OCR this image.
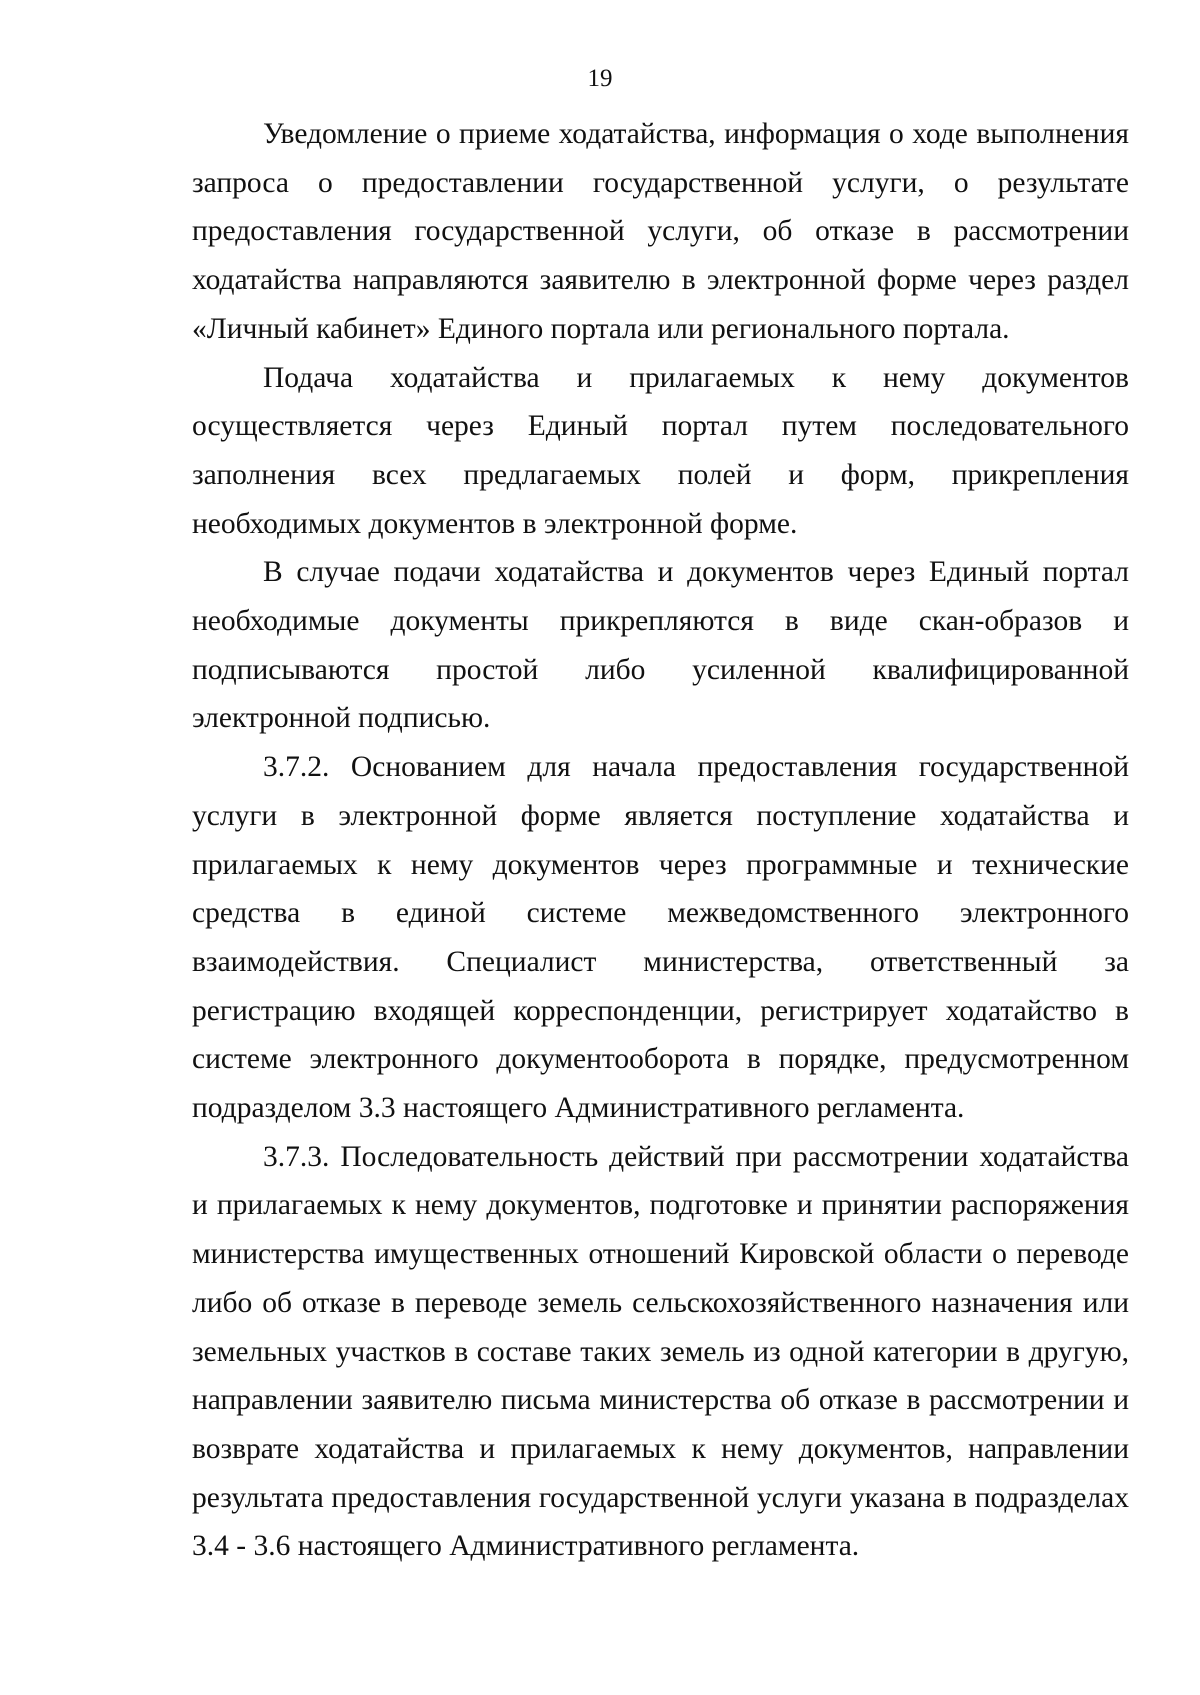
19

Уведомление о приеме ходатайства, информация о ходе выполнения запроса о предоставлении государственной услуги, о результате предоставления государственной услуги, об отказе в рассмотрении ходатайства направляются заявителю в электронной форме через раздел «Личный кабинет» Единого портала или регионального портала.

Подача ходатайства и прилагаемых к нему документов осуществляется через Единый портал путем последовательного заполнения всех предлагаемых полей и форм, прикрепления необходимых документов в электронной форме.

В случае подачи ходатайства и документов через Единый портал необходимые документы прикрепляются в виде скан-образов и подписываются простой либо усиленной квалифицированной электронной подписью.

3.7.2. Основанием для начала предоставления государственной услуги в электронной форме является поступление ходатайства и прилагаемых к нему документов через программные и технические средства в единой системе межведомственного электронного взаимодействия. Специалист министерства, ответственный за регистрацию входящей корреспонденции, регистрирует ходатайство в системе электронного документооборота в порядке, предусмотренном подразделом 3.3 настоящего Административного регламента.

3.7.3. Последовательность действий при рассмотрении ходатайства и прилагаемых к нему документов, подготовке и принятии распоряжения министерства имущественных отношений Кировской области о переводе либо об отказе в переводе земель сельскохозяйственного назначения или земельных участков в составе таких земель из одной категории в другую, направлении заявителю письма министерства об отказе в рассмотрении и возврате ходатайства и прилагаемых к нему документов, направлении результата предоставления государственной услуги указана в подразделах 3.4 - 3.6 настоящего Административного регламента.
